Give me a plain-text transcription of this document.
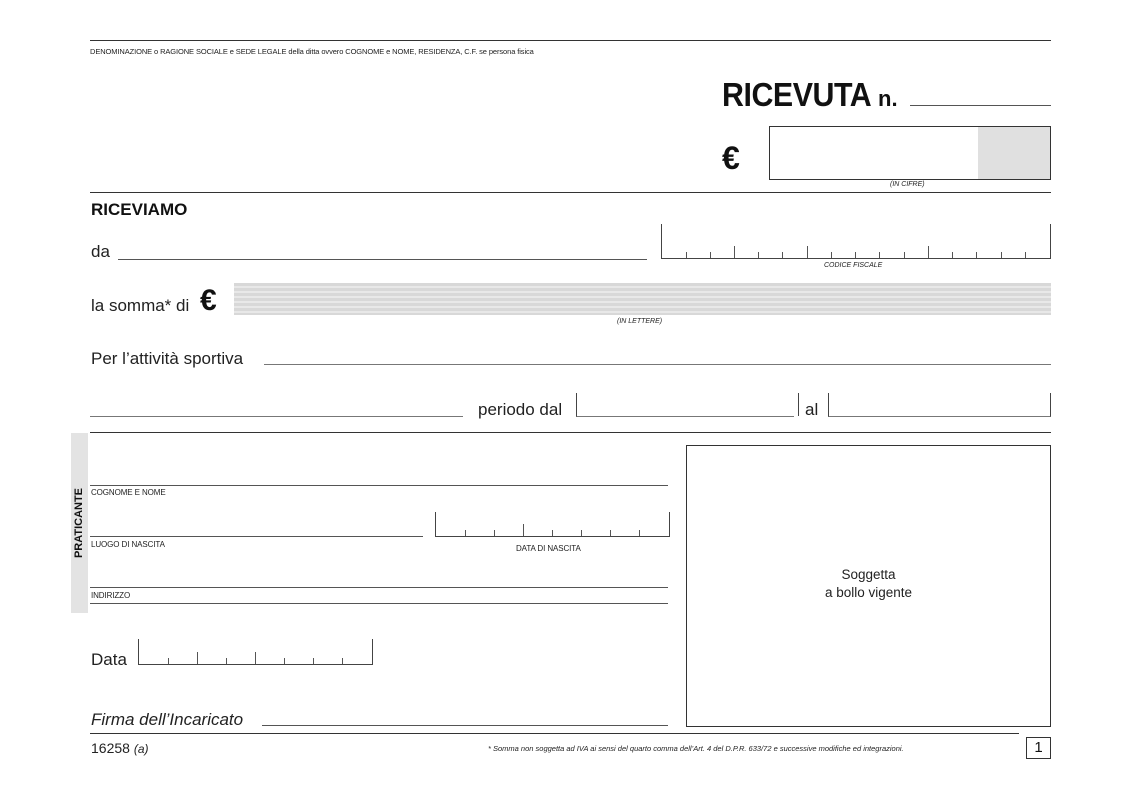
DENOMINAZIONE o RAGIONE SOCIALE e SEDE LEGALE della ditta ovvero COGNOME e NOME, RESIDENZA, C.F. se persona fisica
RICEVUTA n.
€
(IN CIFRE)
RICEVIAMO
da
CODICE FISCALE
la somma* di €
(IN LETTERE)
Per l’attività sportiva
periodo dal	al
PRATICANTE COGNOME E NOME
LUOGO DI NASCITA	DATA DI NASCITA
INDIRIZZO
Soggetta
a bollo vigente
Data
Firma dell’Incaricato
16258 (a)	* Somma non soggetta ad IVA ai sensi del quarto comma dell’Art. 4 del D.P.R. 633/72 e successive modifiche ed integrazioni.	1
